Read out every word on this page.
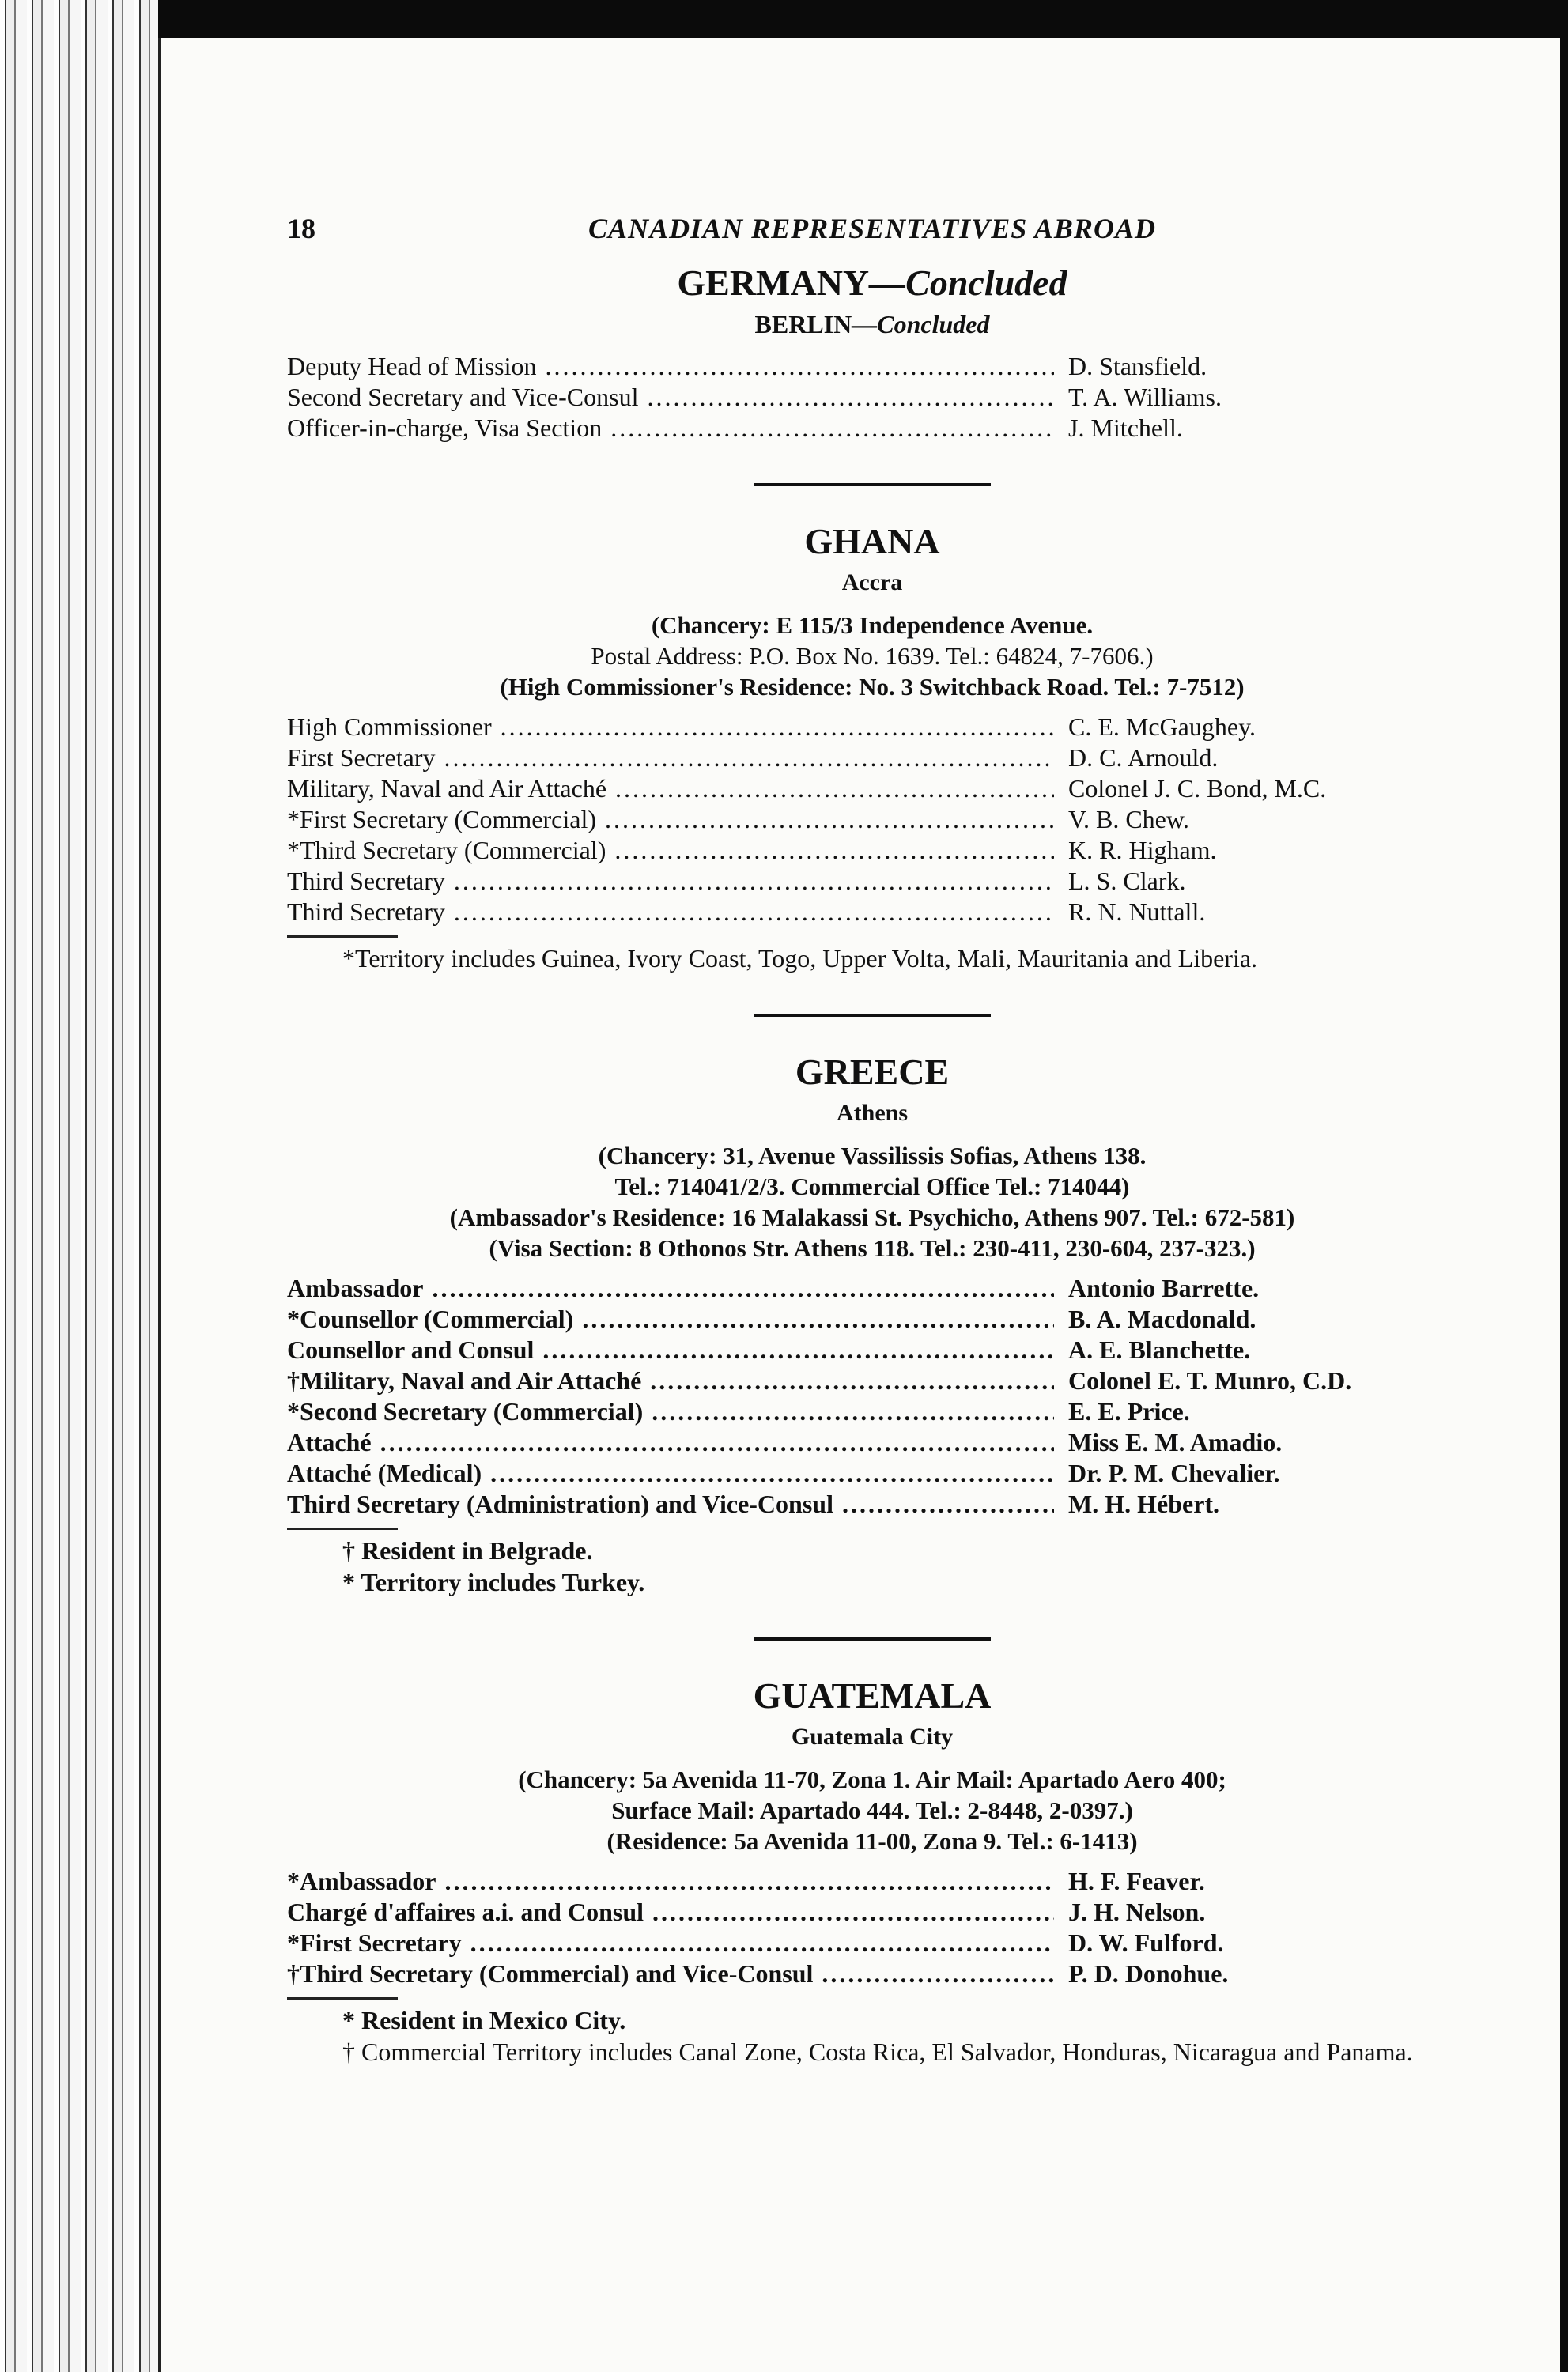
18	CANADIAN REPRESENTATIVES ABROAD
GERMANY—Concluded
BERLIN—Concluded
Deputy Head of Mission .....	D. Stansfield.
Second Secretary and Vice-Consul .....	T. A. Williams.
Officer-in-charge, Visa Section .....	J. Mitchell.
GHANA
Accra

(Chancery: E 115/3 Independence Avenue.

Postal Address: P.O. Box No. 1639. Tel.: 64824, 7-7606.)

(High Commissioner's Residence: No. 3 Switchback Road. Tel.: 7-7512)

High Commissioner .....	C. E. McGaughey.
First Secretary .....	D. C. Arnould.
Military, Naval and Air Attaché .....	Colonel J. C. Bond, M.C.
*First Secretary (Commercial) .....	V. B. Chew.
*Third Secretary (Commercial) .....	K. R. Higham.
Third Secretary .....	L. S. Clark.
Third Secretary .....	R. N. Nuttall.

*Territory includes Guinea, Ivory Coast, Togo, Upper Volta, Mali, Mauritania and Liberia.

GREECE
Athens

(Chancery: 31, Avenue Vassilissis Sofias, Athens 138.

Tel.: 714041/2/3. Commercial Office Tel.: 714044)

(Ambassador's Residence: 16 Malakassi St. Psychicho, Athens 907. Tel.: 672-581)

(Visa Section: 8 Othonos Str. Athens 118. Tel.: 230-411, 230-604, 237-323.)

Ambassador .....	Antonio Barrette.
*Counsellor (Commercial) .....	B. A. Macdonald.
Counsellor and Consul .....	A. E. Blanchette.
†Military, Naval and Air Attaché .....	Colonel E. T. Munro, C.D.
*Second Secretary (Commercial) .....	E. E. Price.
Attaché .....	Miss E. M. Amadio.
Attaché (Medical) .....	Dr. P. M. Chevalier.
Third Secretary (Administration) and Vice-Consul .....	M. H. Hébert.

† Resident in Belgrade.

* Territory includes Turkey.

GUATEMALA
Guatemala City

(Chancery: 5a Avenida 11-70, Zona 1. Air Mail: Apartado Aero 400;

Surface Mail: Apartado 444. Tel.: 2-8448, 2-0397.)

(Residence: 5a Avenida 11-00, Zona 9. Tel.: 6-1413)

*Ambassador .....	H. F. Feaver.
Chargé d'affaires a.i. and Consul .....	J. H. Nelson.
*First Secretary .....	D. W. Fulford.
†Third Secretary (Commercial) and Vice-Consul .....	P. D. Donohue.

* Resident in Mexico City.

† Commercial Territory includes Canal Zone, Costa Rica, El Salvador, Honduras, Nicaragua and Panama.
